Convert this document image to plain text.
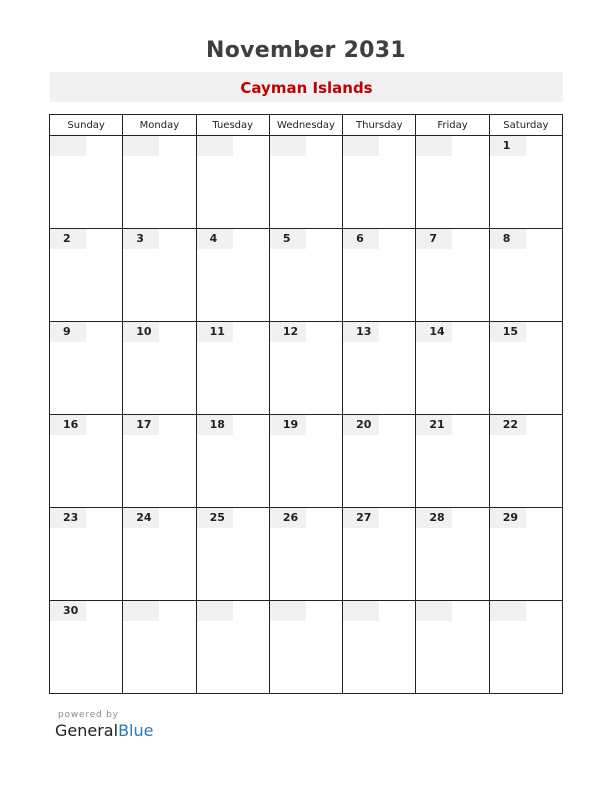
November 2031
Cayman Islands
Sunday	Monday	Tuesday	Wednesday	Thursday	Friday	Saturday

						1

2	3	4	5	6	7	8

9	10	11	12	13	14	15

16	17	18	19	20	21	22

23	24	25	26	27	28	29

30						

powered by
GeneralBlue
